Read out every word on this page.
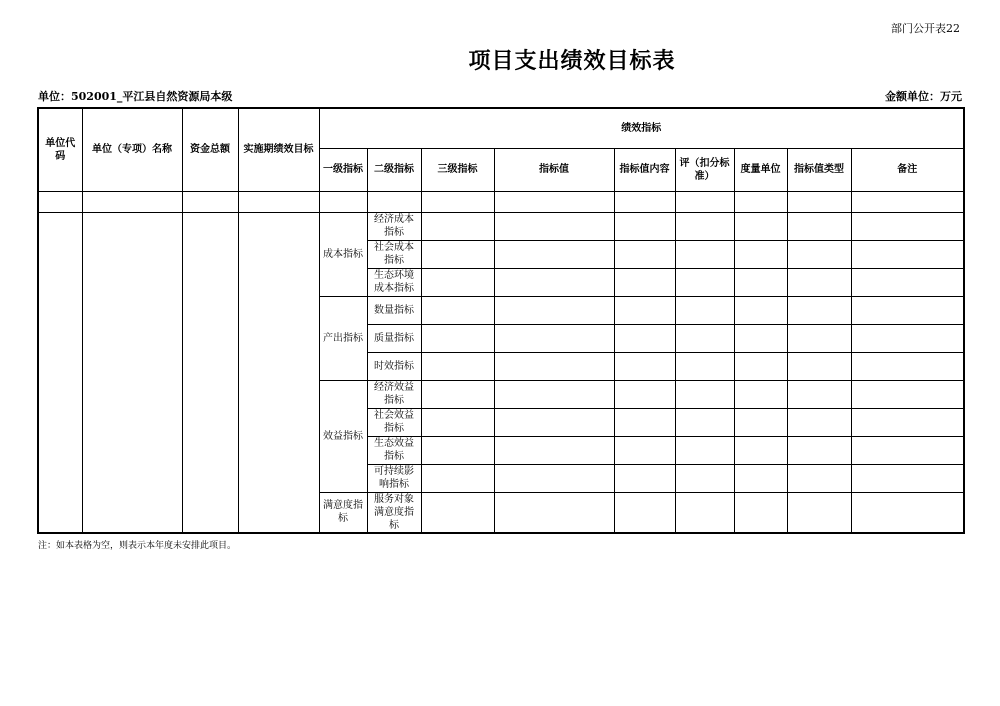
部门公开表22
项目支出绩效目标表
单位：502001_平江县自然资源局本级	金额单位：万元
单位代码	单位（专项）名称	资金总额	实施期绩效目标	绩效指标								
				一级指标	二级指标	三级指标	指标值	指标值内容	评（扣分标准）	度量单位	指标值类型	备注

				成本指标	经济成本指标							
					社会成本指标							
					生态环境成本指标							
				产出指标	数量指标							
					质量指标							
					时效指标							
				效益指标	经济效益指标							
					社会效益指标							
					生态效益指标							
					可持续影响指标							
				满意度指标	服务对象满意度指标							
注：如本表格为空，则表示本年度未安排此项目。
